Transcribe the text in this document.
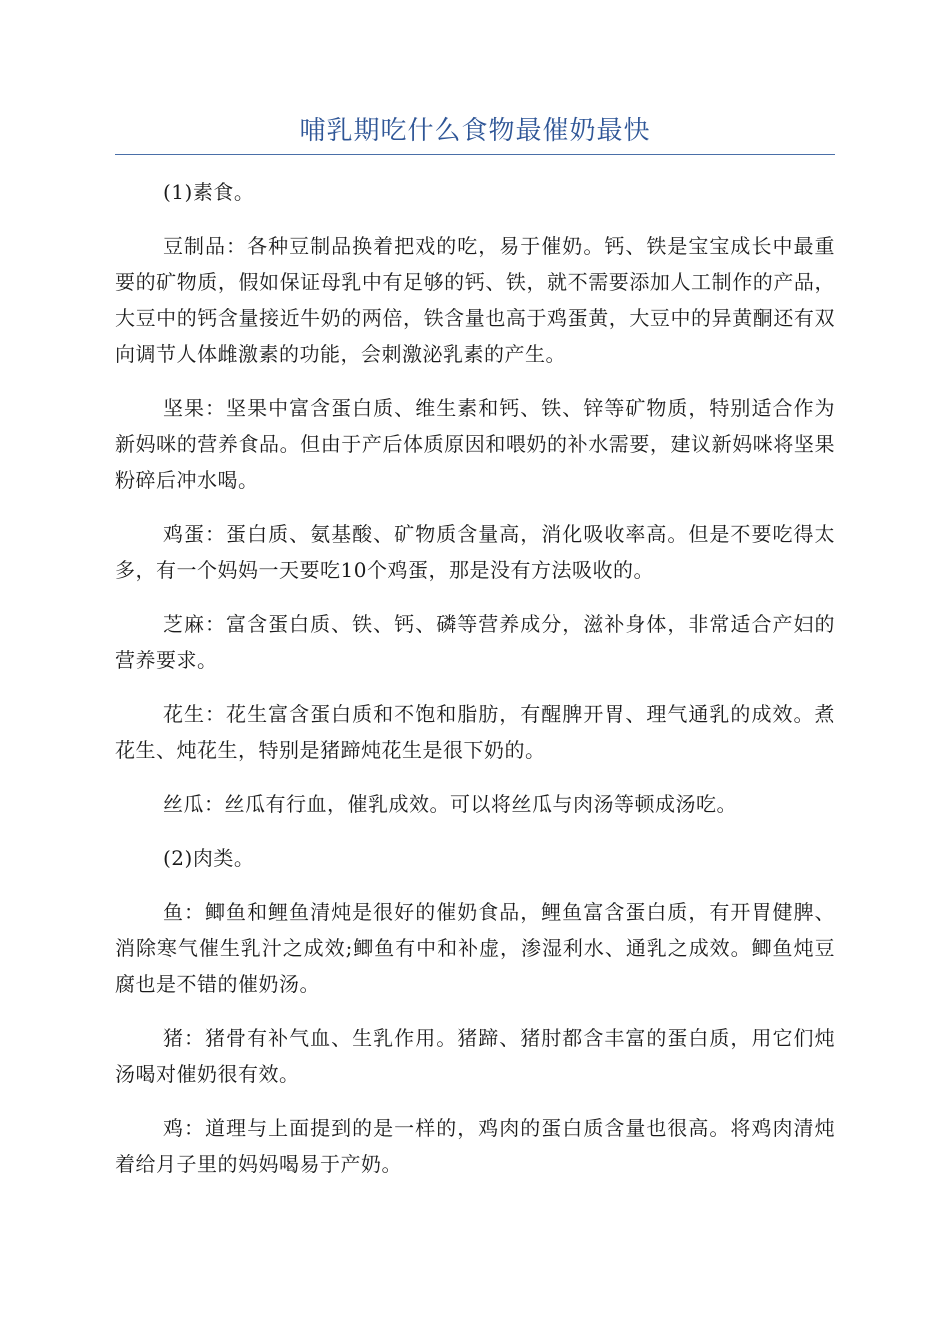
哺乳期吃什么食物最催奶最快

(1)素食。

豆制品：各种豆制品换着把戏的吃，易于催奶。钙、铁是宝宝成长中最重要的矿物质，假如保证母乳中有足够的钙、铁，就不需要添加人工制作的产品，大豆中的钙含量接近牛奶的两倍，铁含量也高于鸡蛋黄，大豆中的异黄酮还有双向调节人体雌激素的功能，会刺激泌乳素的产生。

坚果：坚果中富含蛋白质、维生素和钙、铁、锌等矿物质，特别适合作为新妈咪的营养食品。但由于产后体质原因和喂奶的补水需要，建议新妈咪将坚果粉碎后冲水喝。

鸡蛋：蛋白质、氨基酸、矿物质含量高，消化吸收率高。但是不要吃得太多，有一个妈妈一天要吃10个鸡蛋，那是没有方法吸收的。

芝麻：富含蛋白质、铁、钙、磷等营养成分，滋补身体，非常适合产妇的营养要求。

花生：花生富含蛋白质和不饱和脂肪，有醒脾开胃、理气通乳的成效。煮花生、炖花生，特别是猪蹄炖花生是很下奶的。

丝瓜：丝瓜有行血，催乳成效。可以将丝瓜与肉汤等顿成汤吃。

(2)肉类。

鱼：鲫鱼和鲤鱼清炖是很好的催奶食品，鲤鱼富含蛋白质，有开胃健脾、消除寒气催生乳汁之成效;鲫鱼有中和补虚，渗湿利水、通乳之成效。鲫鱼炖豆腐也是不错的催奶汤。

猪：猪骨有补气血、生乳作用。猪蹄、猪肘都含丰富的蛋白质，用它们炖汤喝对催奶很有效。

鸡：道理与上面提到的是一样的，鸡肉的蛋白质含量也很高。将鸡肉清炖着给月子里的妈妈喝易于产奶。
